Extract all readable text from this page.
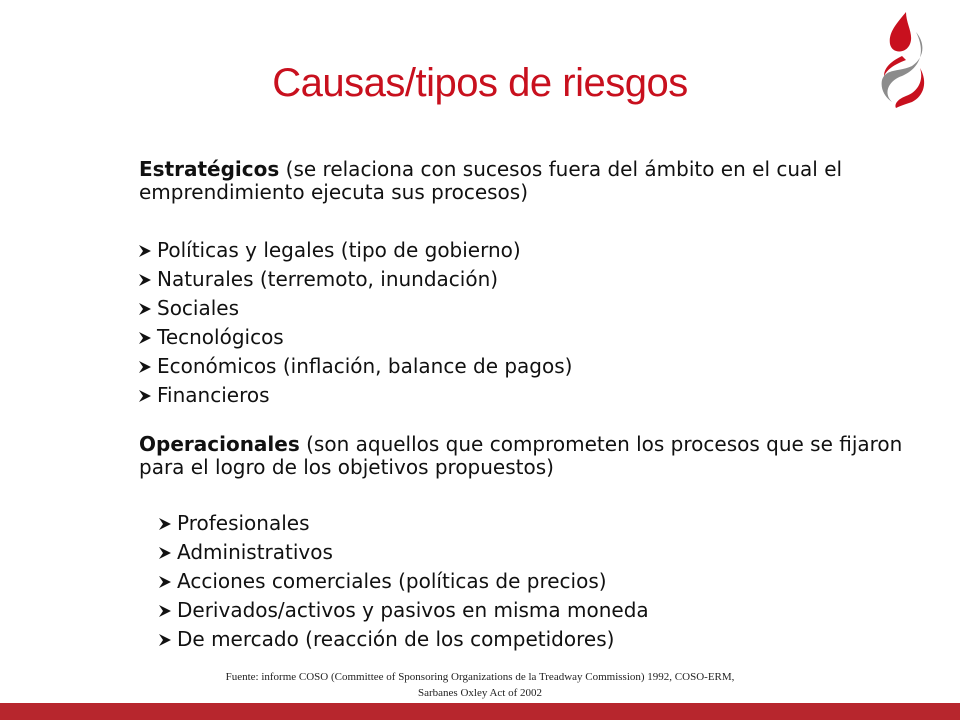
Causas/tipos de riesgos

Estratégicos (se relaciona con sucesos fuera del ámbito en el cual el emprendimiento ejecuta sus procesos)

Políticas y legales (tipo de gobierno)
Naturales (terremoto, inundación)
Sociales
Tecnológicos
Económicos (inflación, balance de pagos)
Financieros

Operacionales (son aquellos que comprometen los procesos que se fijaron para el logro de los objetivos propuestos)

Profesionales
Administrativos
Acciones comerciales (políticas de precios)
Derivados/activos y pasivos en misma moneda
De mercado (reacción de los competidores)
Fuente: informe COSO (Committee of Sponsoring Organizations de la Treadway Commission) 1992, COSO-ERM,
Sarbanes Oxley Act of 2002
